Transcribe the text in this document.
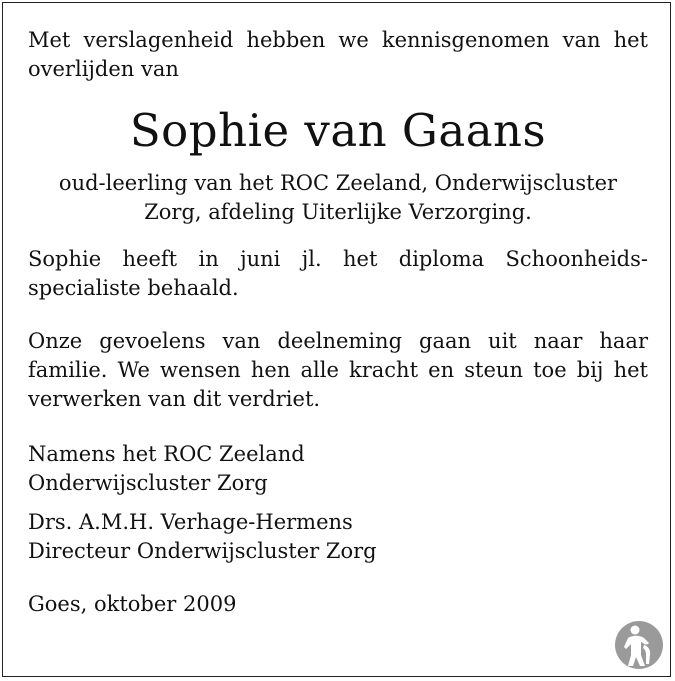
Met verslagenheid hebben we kennisgenomen van het overlijden van
Sophie van Gaans
oud-leerling van het ROC Zeeland, Onderwijscluster Zorg, afdeling Uiterlijke Verzorging.
Sophie heeft in juni jl. het diploma Schoonheids-specialiste behaald.
Onze gevoelens van deelneming gaan uit naar haar familie. We wensen hen alle kracht en steun toe bij het verwerken van dit verdriet.
Namens het ROC Zeeland
Onderwijscluster Zorg
Drs. A.M.H. Verhage-Hermens
Directeur Onderwijscluster Zorg
Goes, oktober 2009
